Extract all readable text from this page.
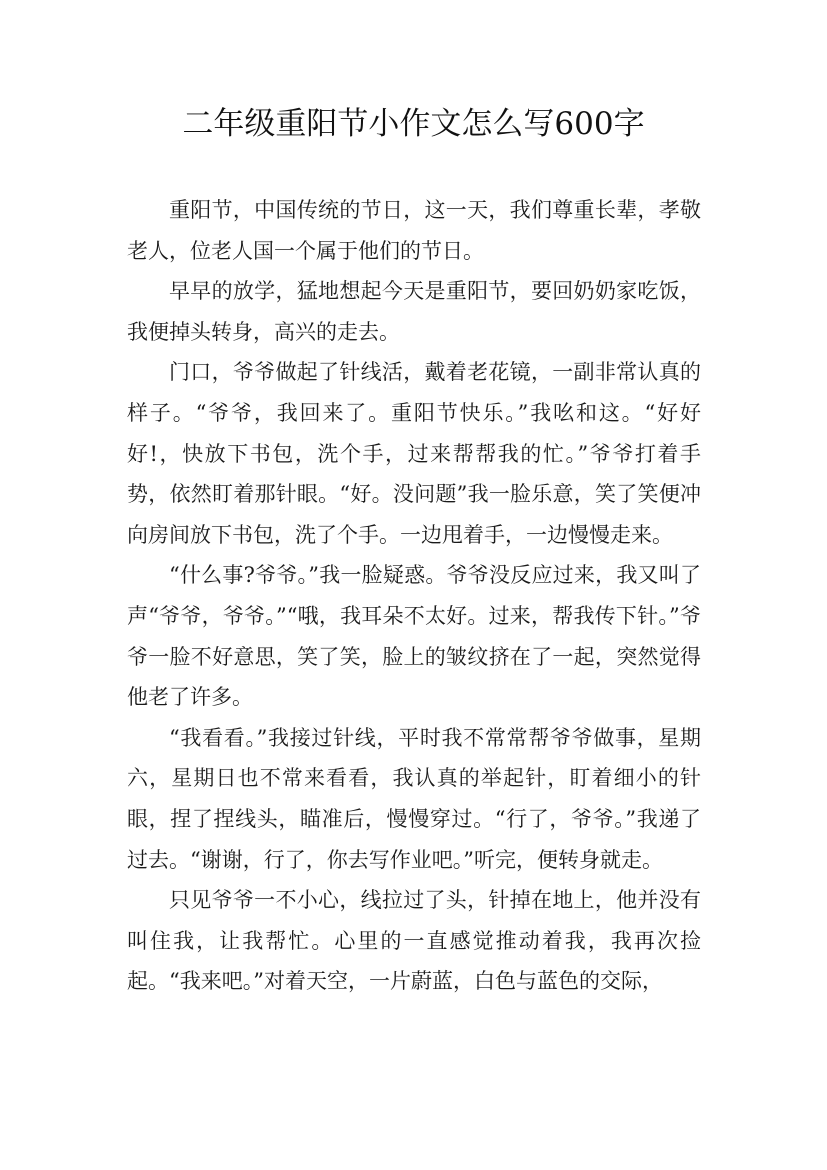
二年级重阳节小作文怎么写600字

重阳节，中国传统的节日，这一天，我们尊重长辈，孝敬老人，位老人国一个属于他们的节日。

早早的放学，猛地想起今天是重阳节，要回奶奶家吃饭，我便掉头转身，高兴的走去。

门口，爷爷做起了针线活，戴着老花镜，一副非常认真的样子。“爷爷，我回来了。重阳节快乐。”我吆和这。“好好好!，快放下书包，洗个手，过来帮帮我的忙。”爷爷打着手势，依然盯着那针眼。“好。没问题”我一脸乐意，笑了笑便冲向房间放下书包，洗了个手。一边甩着手，一边慢慢走来。

“什么事?爷爷。”我一脸疑惑。爷爷没反应过来，我又叫了声“爷爷，爷爷。”“哦，我耳朵不太好。过来，帮我传下针。”爷爷一脸不好意思，笑了笑，脸上的皱纹挤在了一起，突然觉得他老了许多。

“我看看。”我接过针线，平时我不常常帮爷爷做事，星期六，星期日也不常来看看，我认真的举起针，盯着细小的针眼，捏了捏线头，瞄准后，慢慢穿过。“行了，爷爷。”我递了过去。“谢谢，行了，你去写作业吧。”听完，便转身就走。

只见爷爷一不小心，线拉过了头，针掉在地上，他并没有叫住我，让我帮忙。心里的一直感觉推动着我，我再次捡起。“我来吧。”对着天空，一片蔚蓝，白色与蓝色的交际，
